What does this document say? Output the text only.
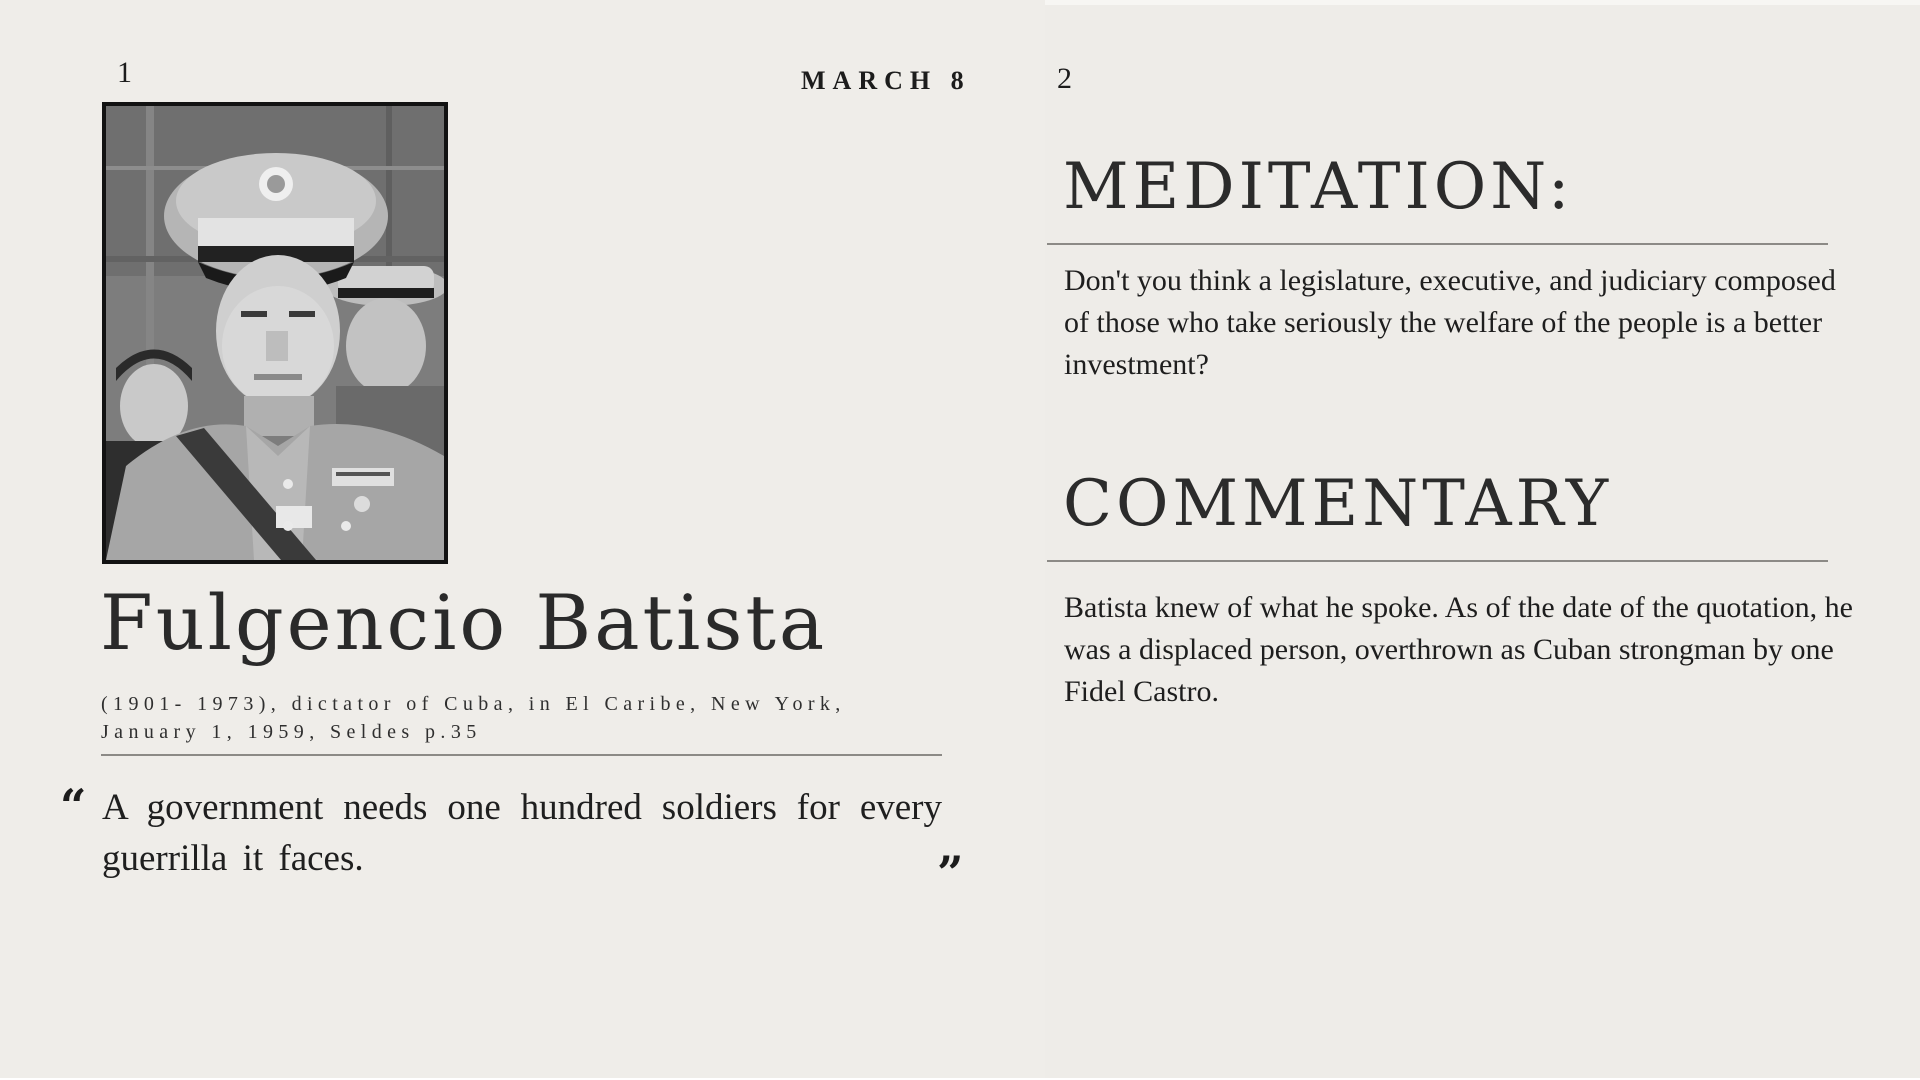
1	MARCH 8	2
Fulgencio Batista
(1901- 1973), dictator of Cuba, in El Caribe, New York,
January 1, 1959, Seldes p.35
“ A government needs one hundred soldiers for every guerrilla it faces.	”
MEDITATION:
Don't you think a legislature, executive, and judiciary composed of those who take seriously the welfare of the people is a better investment?
COMMENTARY
Batista knew of what he spoke. As of the date of the quotation, he was a displaced person, overthrown as Cuban strongman by one Fidel Castro.
